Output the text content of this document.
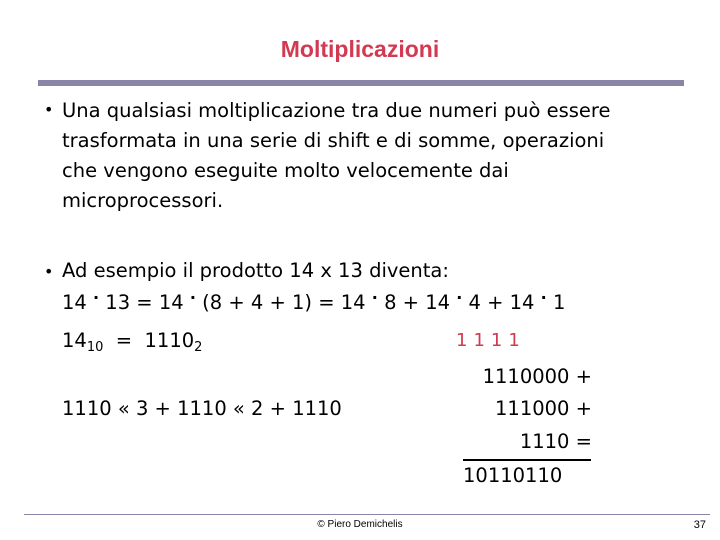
Moltiplicazioni
• Una qualsiasi moltiplicazione tra due numeri può essere
trasformata in una serie di shift e di somme, operazioni
che vengono eseguite molto velocemente dai
microprocessori.
• Ad esempio il prodotto 14 x 13 diventa:
14 · 13 = 14 · (8 + 4 + 1) = 14 · 8 + 14 · 4 + 14 · 1
$14_{10} = 1110_2$	1111
1110 « 3 + 1110 « 2 + 1110
1110000 +
111000 +
1110 =
10110110
© Piero Demichelis	37
